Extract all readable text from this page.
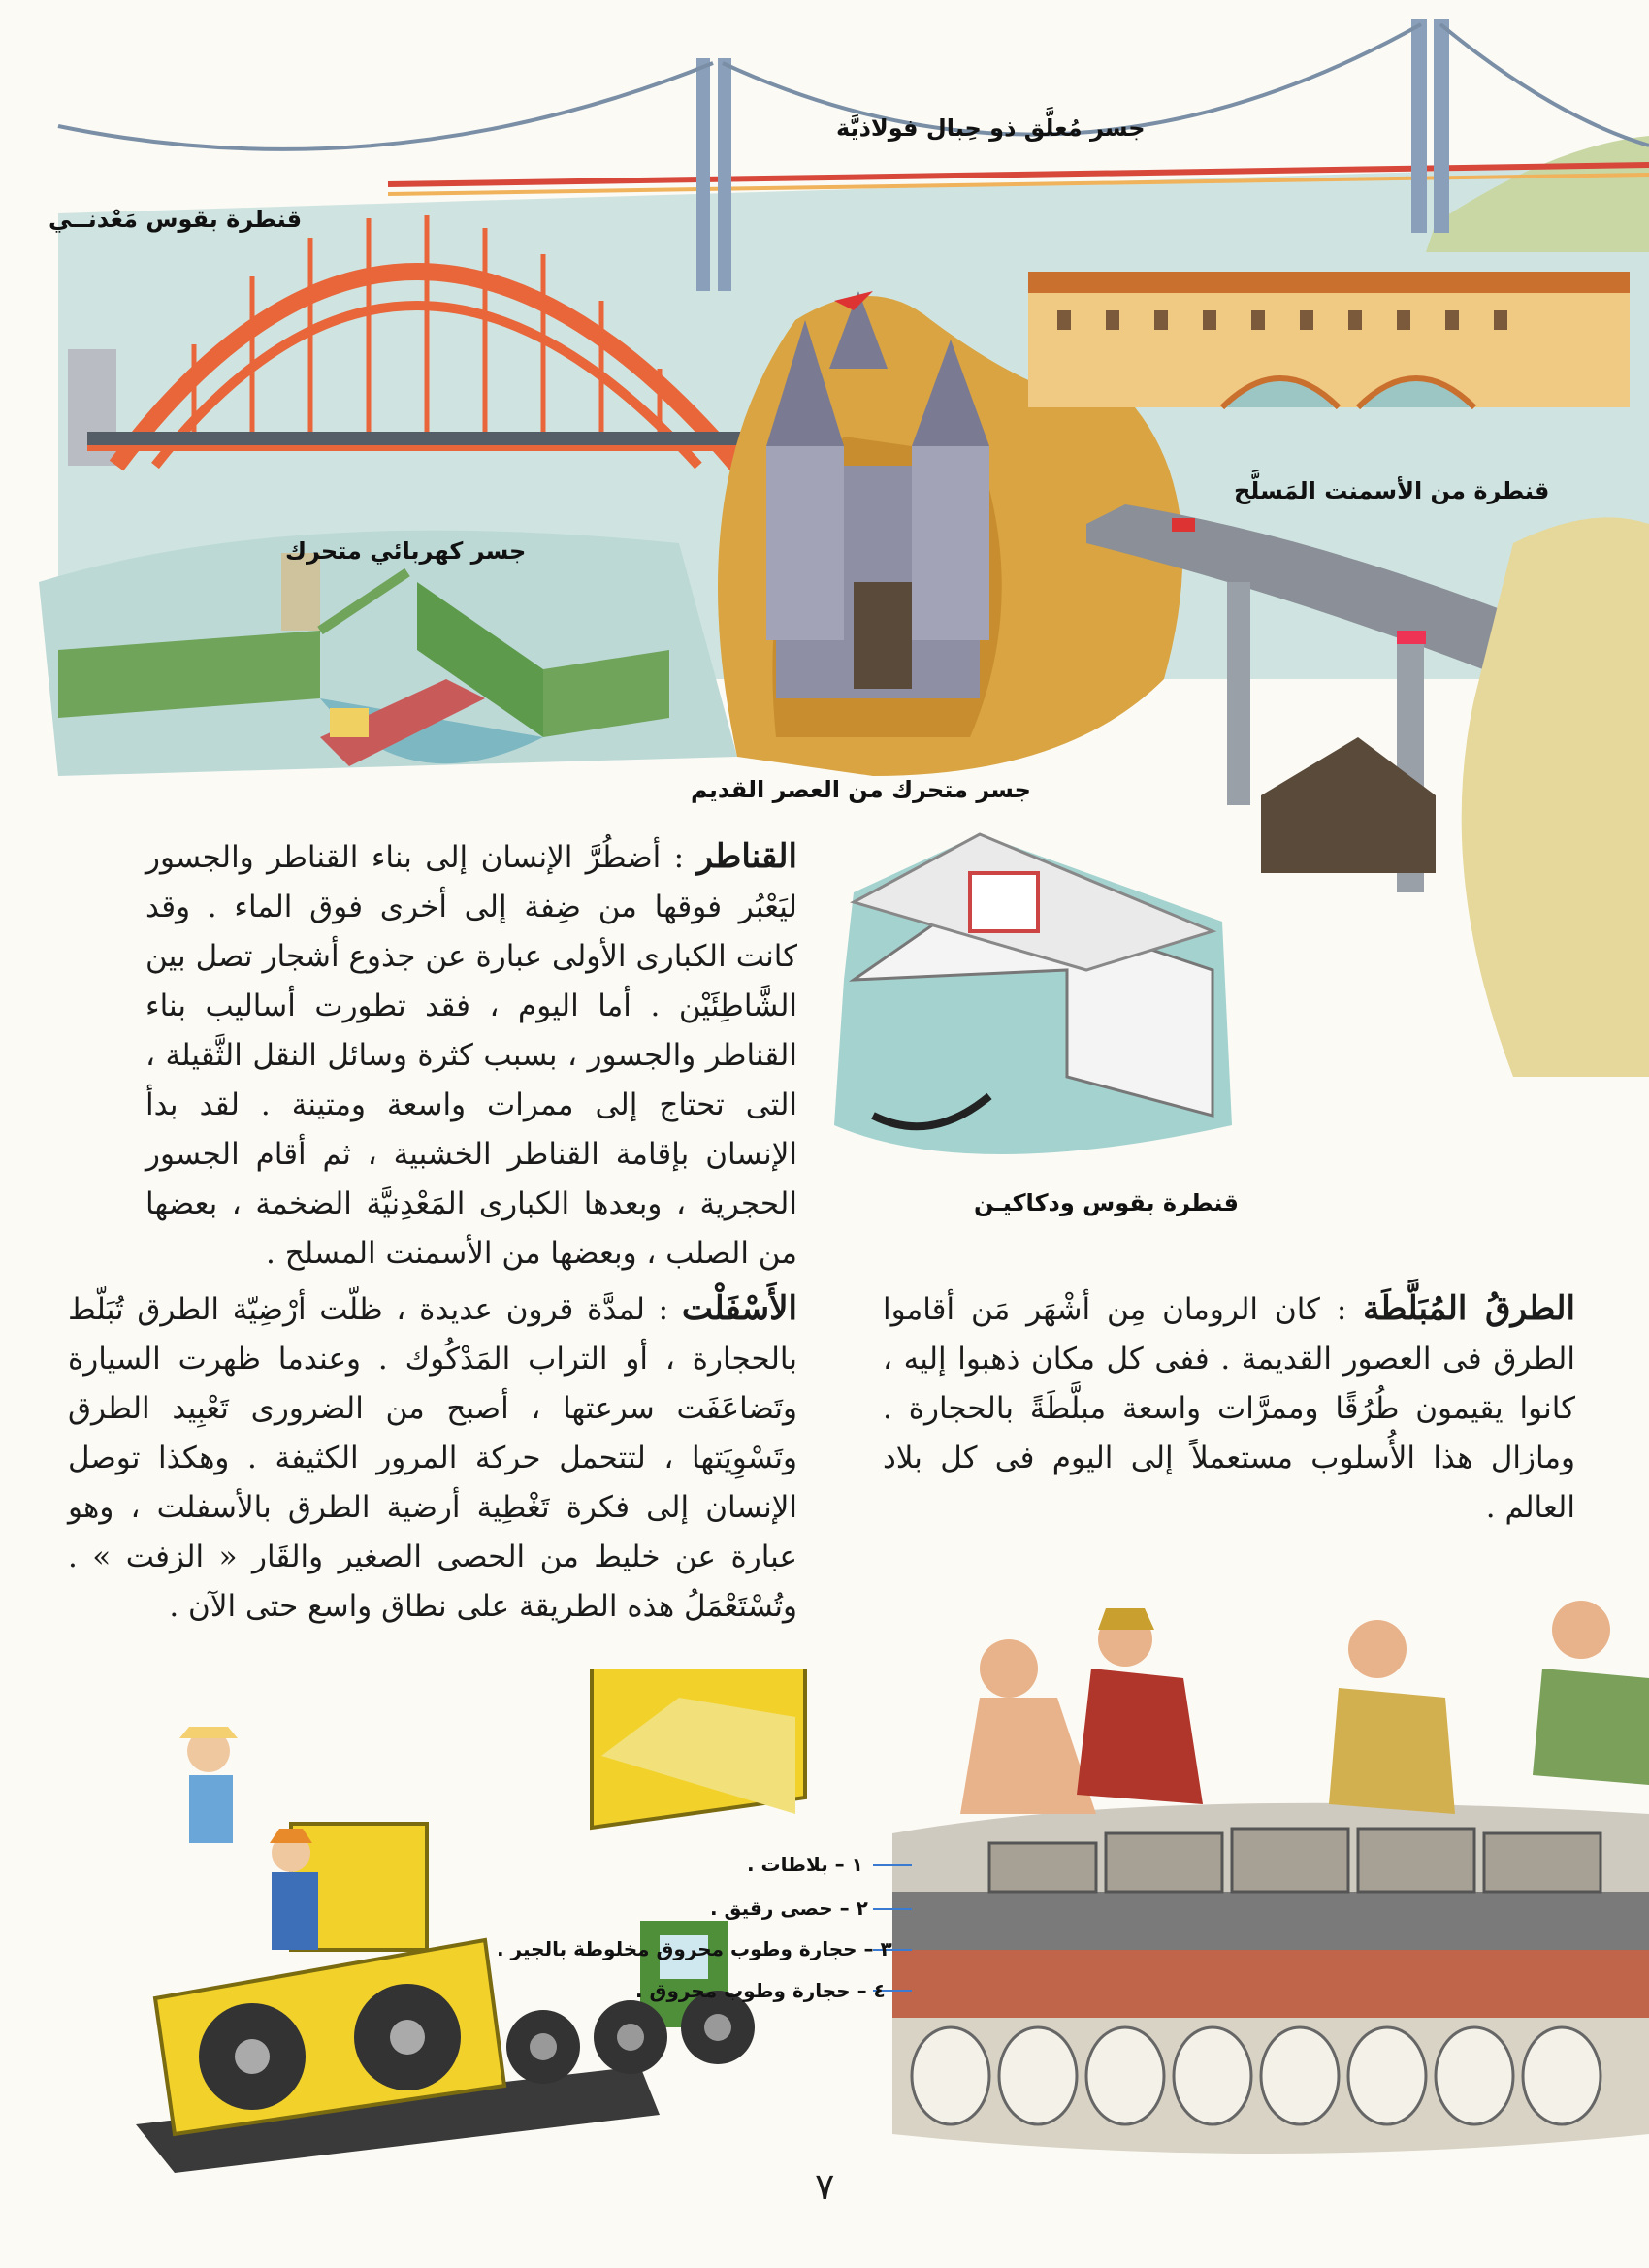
جسر مُعلَّق ذو حِبال فولاذيَّة
قنطرة بقوس مَعْدنــي
جسر كهربائي متحرك
قنطرة من الأسمنت المَسلَّح
جسر متحرك من العصر القديم
قنطرة بقوس ودكاكيـن
القناطر : أضطُرَّ الإنسان إلى بناء القناطر والجسور ليَعْبُر فوقها من ضِفة إلى أخرى فوق الماء . وقد كانت الكبارى الأولى عبارة عن جذوع أشجار تصل بين الشَّاطِئَيْن . أما اليوم ، فقد تطورت أساليب بناء القناطر والجسور ، بسبب كثرة وسائل النقل الثَّقيلة ، التى تحتاج إلى ممرات واسعة ومتينة . لقد بدأ الإنسان بإقامة القناطر الخشبية ، ثم أقام الجسور الحجرية ، وبعدها الكبارى المَعْدِنيَّة الضخمة ، بعضها من الصلب ، وبعضها من الأسمنت المسلح .
الطرقُ المُبَلَّطَة : كان الرومان مِن أشْهَر مَن أقاموا الطرق فى العصور القديمة . ففى كل مكان ذهبوا إليه ، كانوا يقيمون طُرُقًا وممرَّات واسعة مبلَّطَةً بالحجارة . ومازال هذا الأُسلوب مستعملاً إلى اليوم فى كل بلاد العالم .
الأَسْفَلْت : لمدَّة قرون عديدة ، ظلّت أرْضِيّة الطرق تُبَلّط بالحجارة ، أو التراب المَدْكُوك . وعندما ظهرت السيارة وتَضاعَفَت سرعتها ، أصبح من الضرورى تَعْبِيد الطرق وتَسْوِيَتها ، لتتحمل حركة المرور الكثيفة . وهكذا توصل الإنسان إلى فكرة تَغْطِية أرضية الطرق بالأسفلت ، وهو عبارة عن خليط من الحصى الصغير والقَار « الزفت » . وتُسْتَعْمَلُ هذه الطريقة على نطاق واسع حتى الآن .
١ – بلاطات .
٢ – حصى رقيق .
٣ – حجارة وطوب محروق مخلوطة بالجير .
٤ – حجارة وطوب محروق .
٧
